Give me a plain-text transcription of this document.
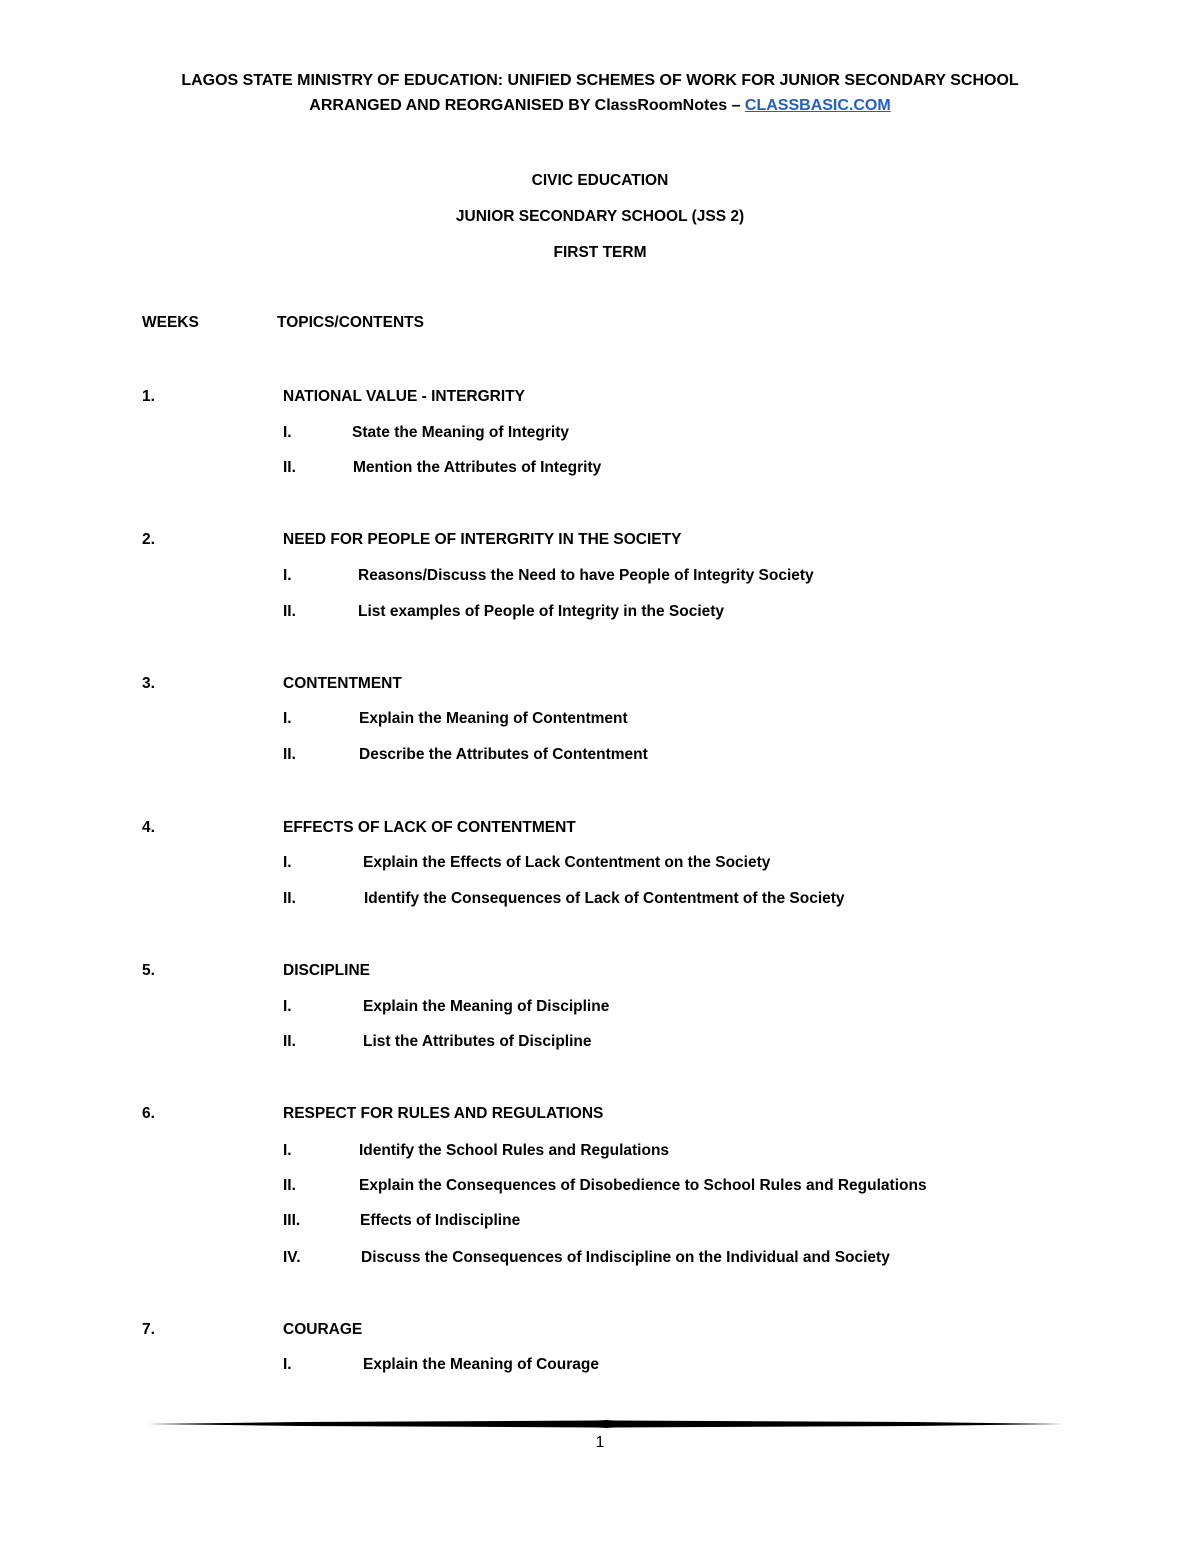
LAGOS STATE MINISTRY OF EDUCATION: UNIFIED SCHEMES OF WORK FOR JUNIOR SECONDARY SCHOOL
ARRANGED AND REORGANISED BY ClassRoomNotes – CLASSBASIC.COM
CIVIC EDUCATION
JUNIOR SECONDARY SCHOOL (JSS 2)
FIRST TERM
WEEKS	TOPICS/CONTENTS
1.	NATIONAL VALUE - INTERGRITY
I.	State the Meaning of Integrity
II.	Mention the Attributes of Integrity
2.	NEED FOR PEOPLE OF INTERGRITY IN THE SOCIETY
I.	Reasons/Discuss the Need to have People of Integrity Society
II.	List examples of People of Integrity in the Society
3.	CONTENTMENT
I.	Explain the Meaning of Contentment
II.	Describe the Attributes of Contentment
4.	EFFECTS OF LACK OF CONTENTMENT
I.	Explain the Effects of Lack Contentment on the Society
II.	Identify the Consequences of Lack of Contentment of the Society
5.	DISCIPLINE
I.	Explain the Meaning of Discipline
II.	List the Attributes of Discipline
6.	RESPECT FOR RULES AND REGULATIONS
I.	Identify the School Rules and Regulations
II.	Explain the Consequences of Disobedience to School Rules and Regulations
III.	Effects of Indiscipline
IV.	Discuss the Consequences of Indiscipline on the Individual and Society
7.	COURAGE
I.	Explain the Meaning of Courage
1
